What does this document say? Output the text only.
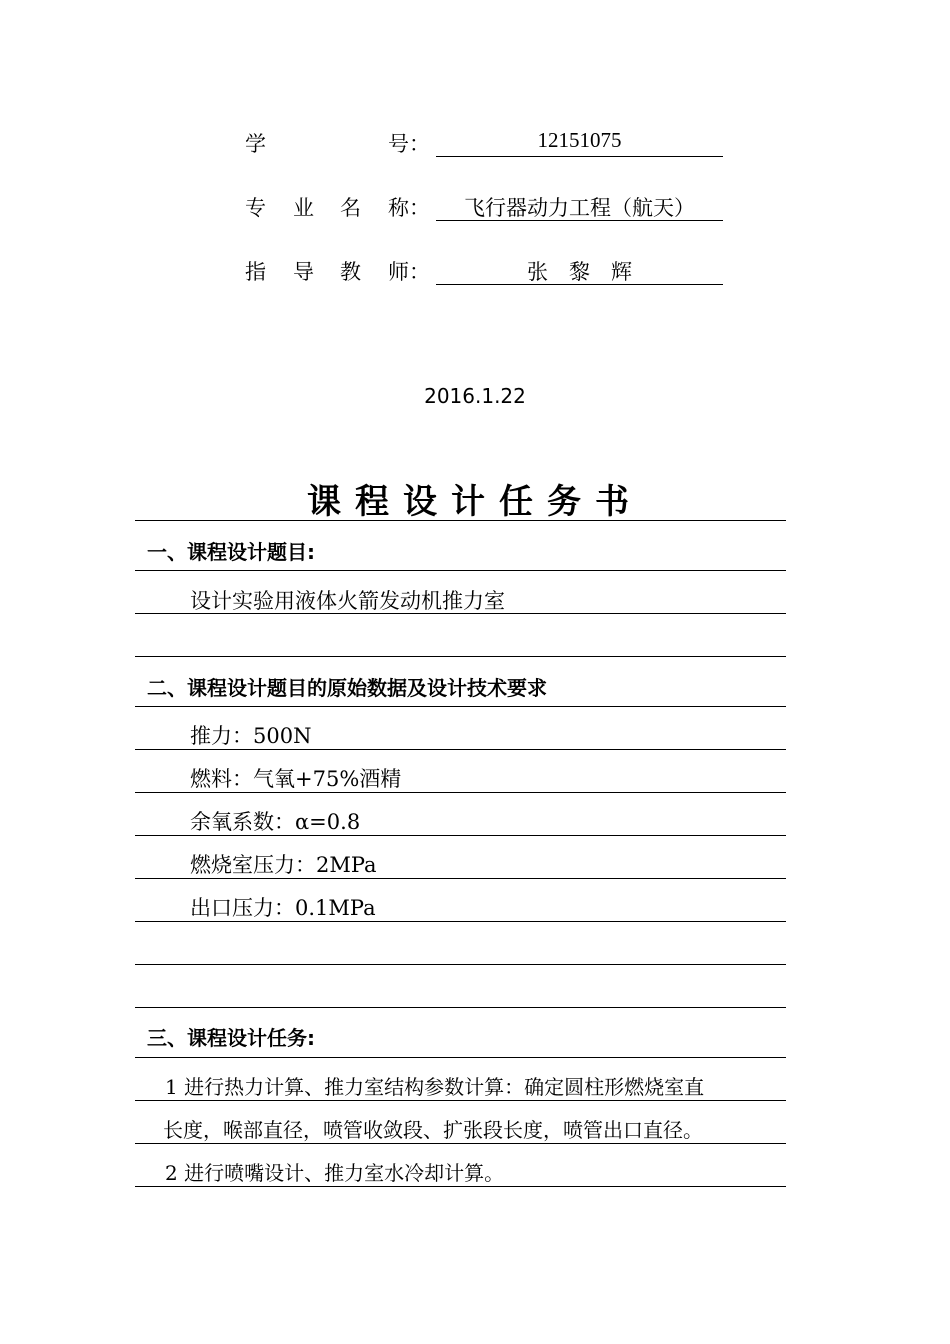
学	号：	12151075
专 业 名 称：	飞行器动力工程（航天）
指 导 教 师：	张　黎　辉
2016.1.22
课程设计任务书
一、课程设计题目:
设计实验用液体火箭发动机推力室
二、课程设计题目的原始数据及设计技术要求
推力：500N
燃料：气氧+75%酒精
余氧系数：α=0.8
燃烧室压力：2MPa
出口压力：0.1MPa
三、课程设计任务:
1 进行热力计算、推力室结构参数计算：确定圆柱形燃烧室直
长度，喉部直径，喷管收敛段、扩张段长度，喷管出口直径。
2 进行喷嘴设计、推力室水冷却计算。
